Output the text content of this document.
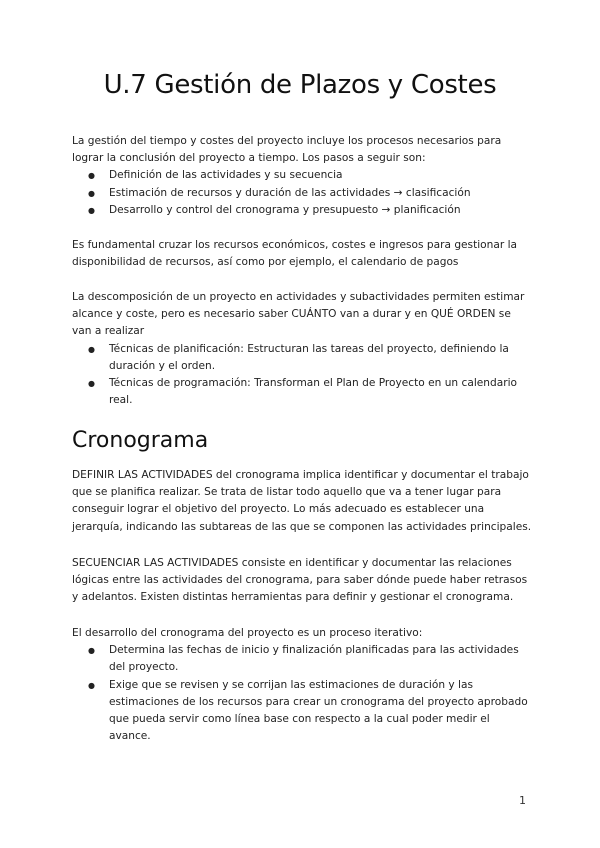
U.7 Gestión de Plazos y Costes

La gestión del tiempo y costes del proyecto incluye los procesos necesarios para lograr la conclusión del proyecto a tiempo. Los pasos a seguir son:

● Definición de las actividades y su secuencia
● Estimación de recursos y duración de las actividades → clasificación
● Desarrollo y control del cronograma y presupuesto → planificación

Es fundamental cruzar los recursos económicos, costes e ingresos para gestionar la disponibilidad de recursos, así como por ejemplo, el calendario de pagos

La descomposición de un proyecto en actividades y subactividades permiten estimar alcance y coste, pero es necesario saber CUÁNTO van a durar y en QUÉ ORDEN se van a realizar

● Técnicas de planificación: Estructuran las tareas del proyecto, definiendo la duración y el orden.
● Técnicas de programación: Transforman el Plan de Proyecto en un calendario real.
Cronograma

DEFINIR LAS ACTIVIDADES del cronograma implica identificar y documentar el trabajo que se planifica realizar. Se trata de listar todo aquello que va a tener lugar para conseguir lograr el objetivo del proyecto. Lo más adecuado es establecer una jerarquía, indicando las subtareas de las que se componen las actividades principales.

SECUENCIAR LAS ACTIVIDADES consiste en identificar y documentar las relaciones lógicas entre las actividades del cronograma, para saber dónde puede haber retrasos y adelantos. Existen distintas herramientas para definir y gestionar el cronograma.

El desarrollo del cronograma del proyecto es un proceso iterativo:

● Determina las fechas de inicio y finalización planificadas para las actividades del proyecto.
● Exige que se revisen y se corrijan las estimaciones de duración y las estimaciones de los recursos para crear un cronograma del proyecto aprobado que pueda servir como línea base con respecto a la cual poder medir el avance.
1
